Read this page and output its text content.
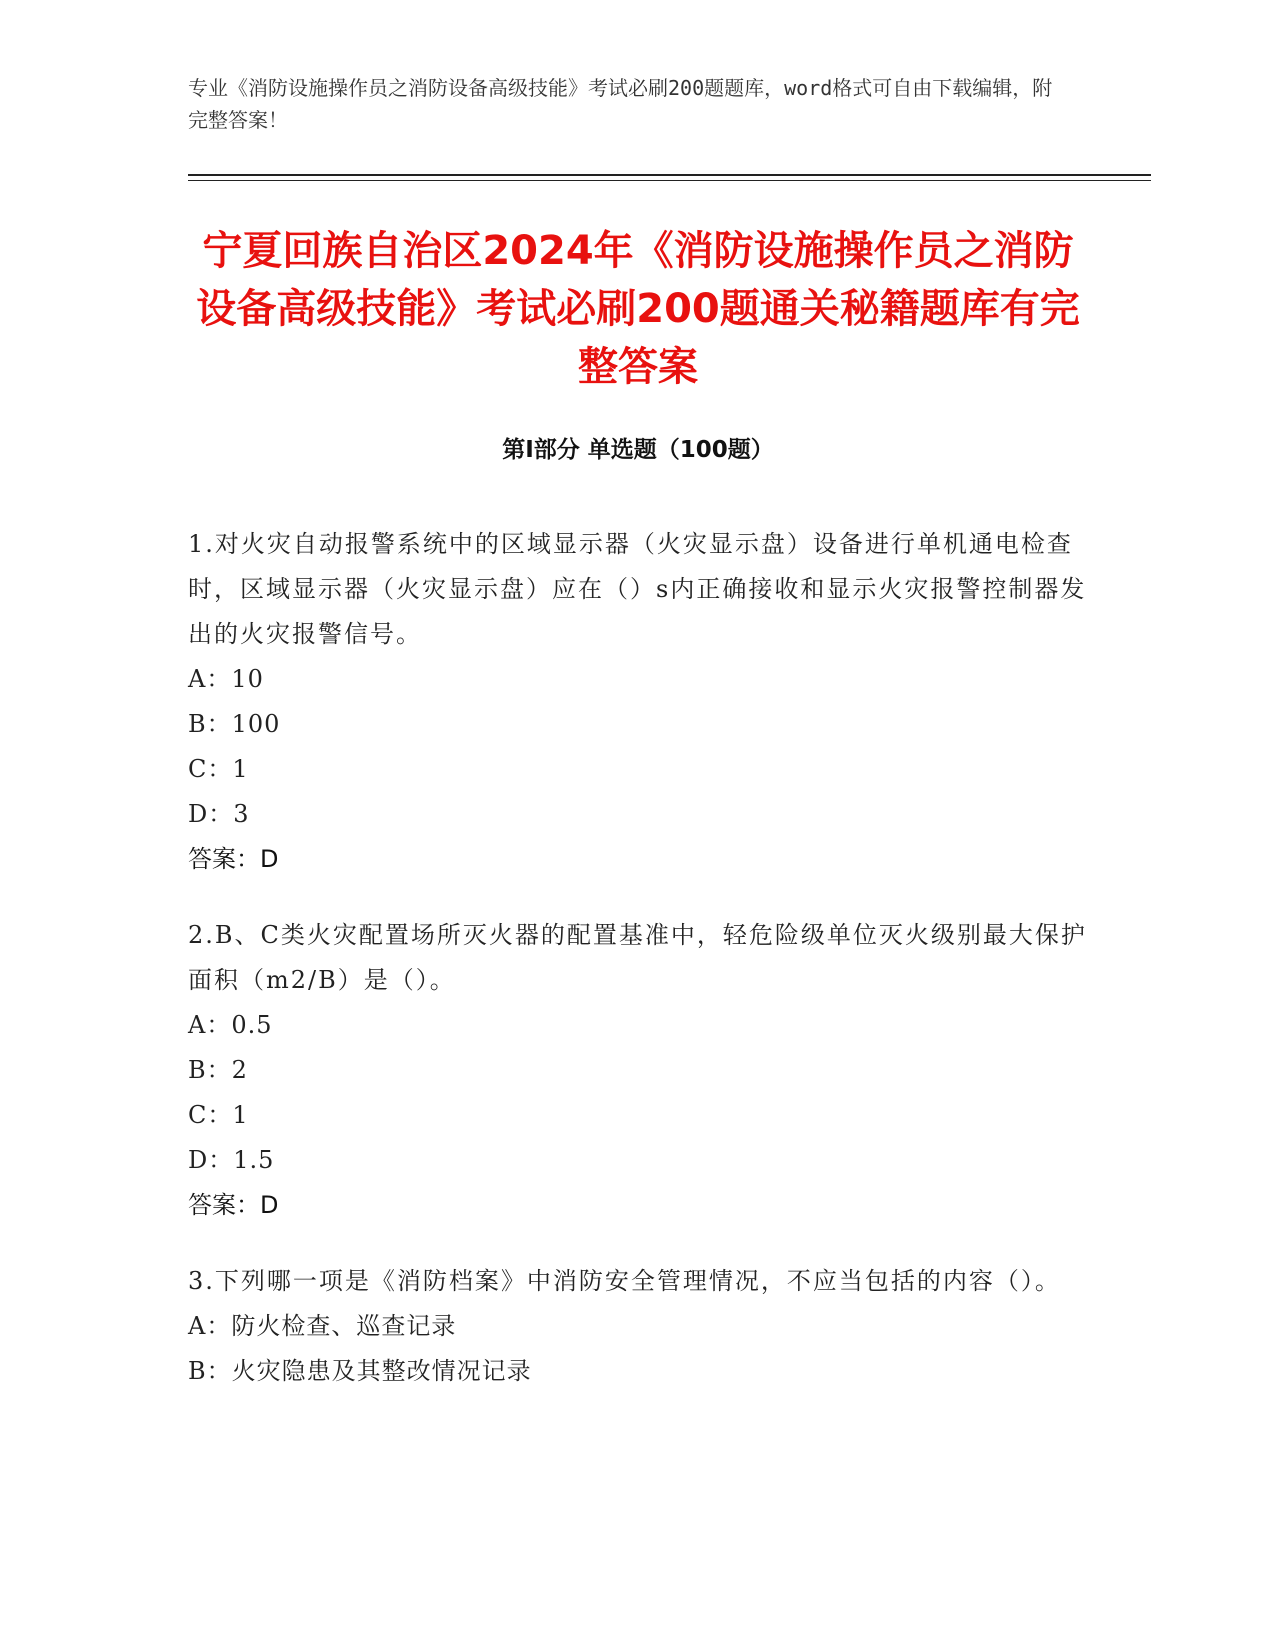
专业《消防设施操作员之消防设备高级技能》考试必刷200题题库，word格式可自由下载编辑，附完整答案！
宁夏回族自治区2024年《消防设施操作员之消防设备高级技能》考试必刷200题通关秘籍题库有完整答案
第Ⅰ部分 单选题（100题）
1.对火灾自动报警系统中的区域显示器（火灾显示盘）设备进行单机通电检查时，区域显示器（火灾显示盘）应在（）s内正确接收和显示火灾报警控制器发出的火灾报警信号。
A：10
B：100
C：1
D：3
答案：D
2.B、C类火灾配置场所灭火器的配置基准中，轻危险级单位灭火级别最大保护面积（m2/B）是（）。
A：0.5
B：2
C：1
D：1.5
答案：D
3.下列哪一项是《消防档案》中消防安全管理情况，不应当包括的内容（）。
A：防火检查、巡查记录
B：火灾隐患及其整改情况记录
